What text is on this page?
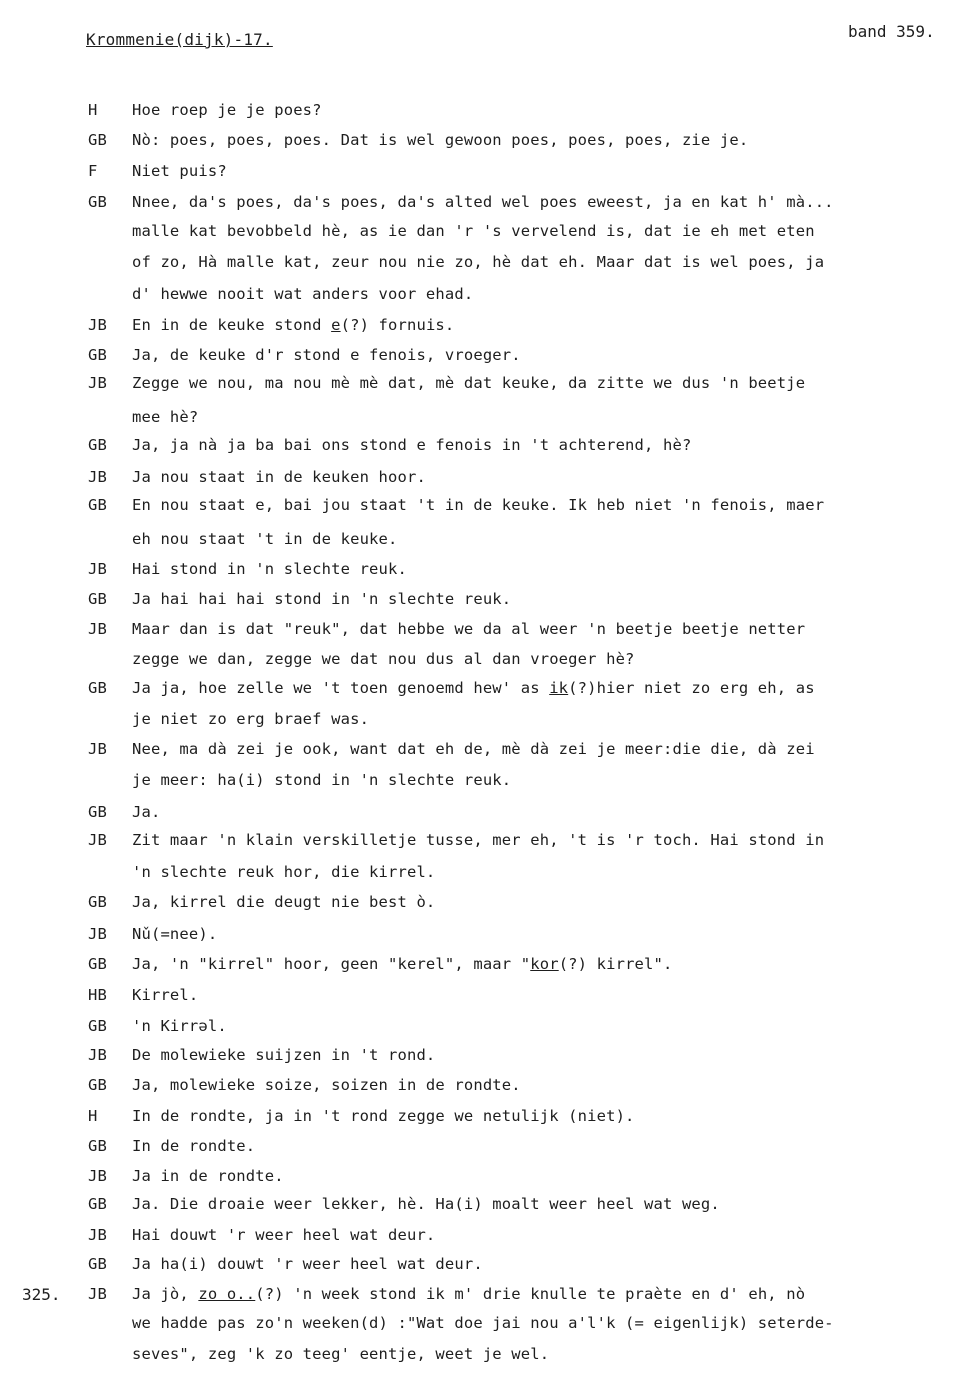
Krommenie(dijk)-17.	band 359.
H Hoe roep je je poes?
GB Nò: poes, poes, poes. Dat is wel gewoon poes, poes, poes, zie je.
F Niet puis?
GB Nnee, da's poes, da's poes, da's alted wel poes eweest, ja en kat h' mà...
malle kat bevobbeld hè, as ie dan 'r 's vervelend is, dat ie eh met eten
of zo, Hà malle kat, zeur nou nie zo, hè dat eh. Maar dat is wel poes, ja
d' hewwe nooit wat anders voor ehad.
JB En in de keuke stond e(?) fornuis.
GB Ja, de keuke d'r stond e fenois, vroeger.
JB Zegge we nou, ma nou mè mè dat, mè dat keuke, da zitte we dus 'n beetje
mee hè?
GB Ja, ja nà ja ba bai ons stond e fenois in 't achterend, hè?
JB Ja nou staat in de keuken hoor.
GB En nou staat e, bai jou staat 't in de keuke. Ik heb niet 'n fenois, maer
eh nou staat 't in de keuke.
JB Hai stond in 'n slechte reuk.
GB Ja hai hai hai stond in 'n slechte reuk.
JB Maar dan is dat "reuk", dat hebbe we da al weer 'n beetje beetje netter
zegge we dan, zegge we dat nou dus al dan vroeger hè?
GB Ja ja, hoe zelle we 't toen genoemd hew' as ik(?)hier niet zo erg eh, as
je niet zo erg braef was.
JB Nee, ma dà zei je ook, want dat eh de, mè dà zei je meer:die die, dà zei
je meer: ha(i) stond in 'n slechte reuk.
GB Ja.
JB Zit maar 'n klain verskilletje tusse, mer eh, 't is 'r toch. Hai stond in
'n slechte reuk hor, die kirrel.
GB Ja, kirrel die deugt nie best ò.
JB Nǔ(=nee).
GB Ja, 'n "kirrel" hoor, geen "kerel", maar "kor(?) kirrel".
HB Kirrel.
GB 'n Kirrəl.
JB De molewieke suijzen in 't rond.
GB Ja, molewieke soize, soizen in de rondte.
H In de rondte, ja in 't rond zegge we netulijk (niet).
GB In de rondte.
JB Ja in de rondte.
GB Ja. Die droaie weer lekker, hè. Ha(i) moalt weer heel wat weg.
JB Hai douwt 'r weer heel wat deur.
GB Ja ha(i) douwt 'r weer heel wat deur.
JB Ja jò, zo o..(?) 'n week stond ik m' drie knulle te praète en d' eh, nò
325.
we hadde pas zo'n weeken(d) :"Wat doe jai nou a'l'k (= eigenlijk) seterde-
seves", zeg 'k zo teeg' eentje, weet je wel.
